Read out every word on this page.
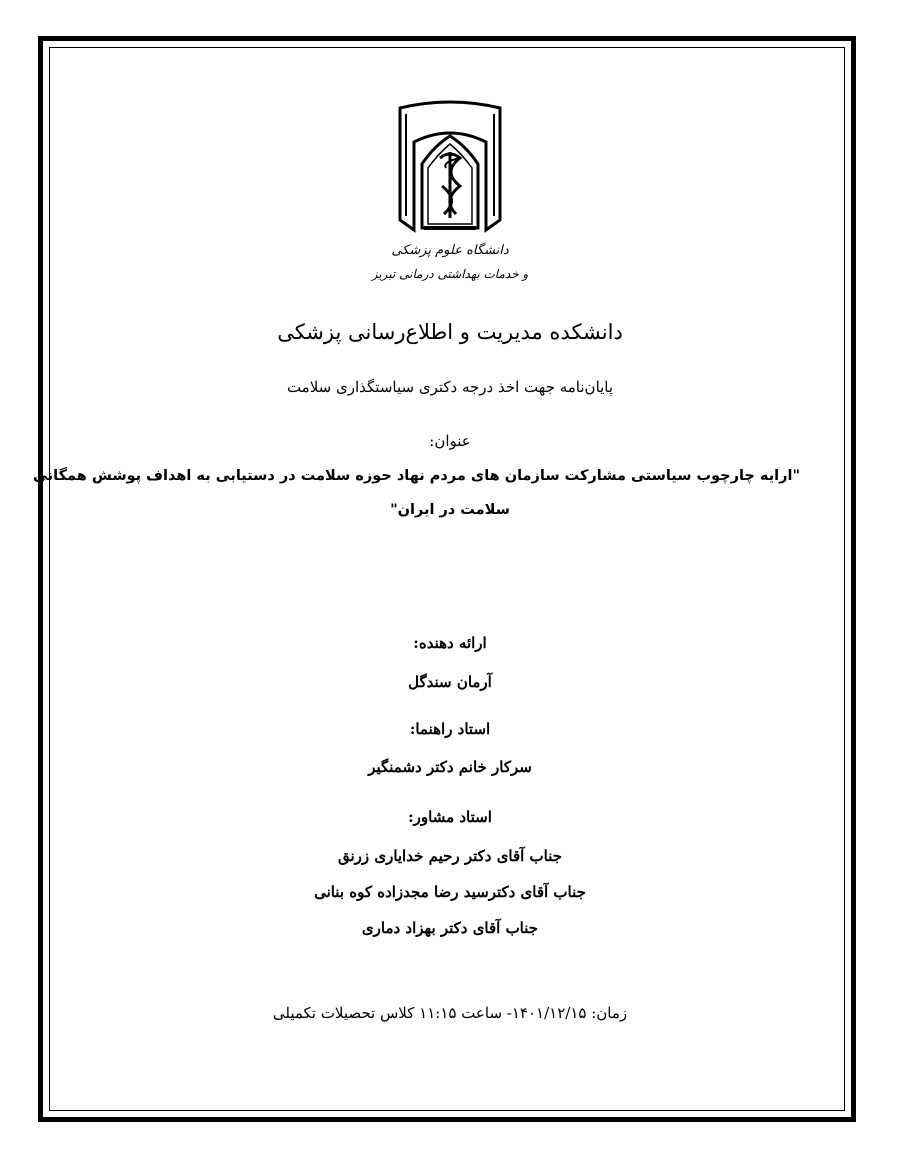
دانشگاه علوم پزشکی
و خدمات بهداشتی درمانی تبریز
دانشکده مدیریت و اطلاع‌رسانی پزشکی
پایان‌نامه جهت اخذ درجه دکتری سیاستگذاری سلامت
عنوان:
"ارایه چارچوب سیاستی مشارکت سازمان های مردم نهاد حوزه سلامت در دستیابی به اهداف پوشش همگانی
سلامت در ایران"
ارائه دهنده:
آرمان سندگل
استاد راهنما:
سرکار خانم دکتر دشمنگیر
استاد مشاور:
جناب آقای دکتر رحیم خدایاری زرنق
جناب آقای دکترسید رضا مجدزاده کوه بنانی
جناب آقای دکتر بهزاد دماری
زمان: ۱۴۰۱/۱۲/۱۵- ساعت ۱۱:۱۵ کلاس تحصیلات تکمیلی
